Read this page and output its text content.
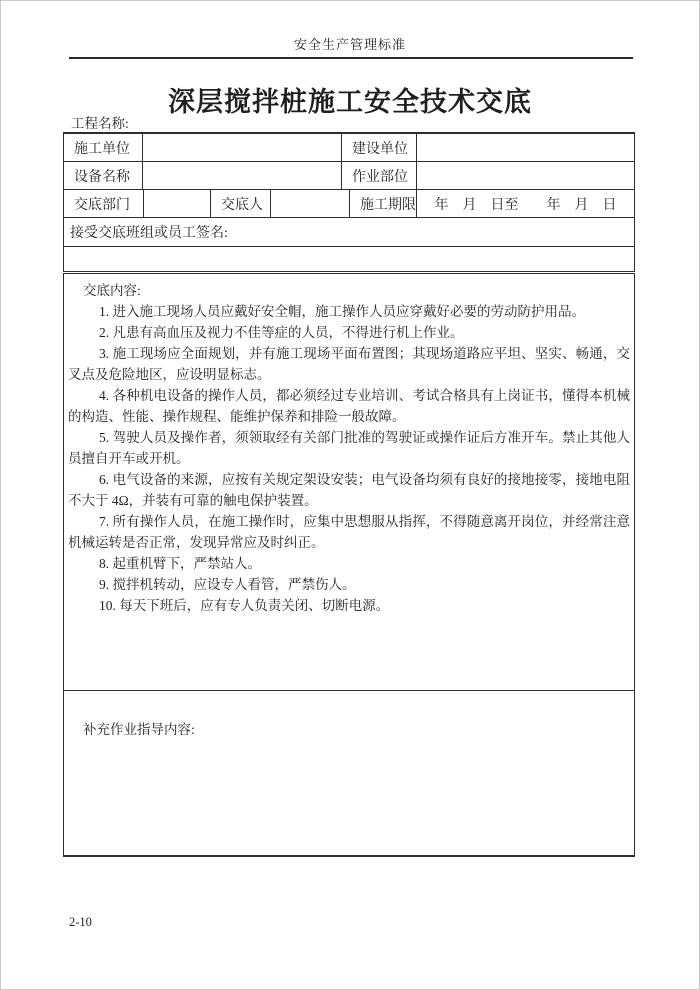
安全生产管理标准
深层搅拌桩施工安全技术交底
工程名称:
施工单位	建设单位
设备名称	作业部位
交底部门	交底人	施工期限	年　月　日至　　年　月　日
接受交底班组或员工签名:

交底内容:

1. 进入施工现场人员应戴好安全帽，施工操作人员应穿戴好必要的劳动防护用品。

2. 凡患有高血压及视力不佳等症的人员，不得进行机上作业。

3. 施工现场应全面规划，并有施工现场平面布置图；其现场道路应平坦、坚实、畅通，交叉点及危险地区，应设明显标志。

4. 各种机电设备的操作人员，都必须经过专业培训、考试合格具有上岗证书，懂得本机械的构造、性能、操作规程、能维护保养和排险一般故障。

5. 驾驶人员及操作者，须领取经有关部门批准的驾驶证或操作证后方准开车。禁止其他人员擅自开车或开机。

6. 电气设备的来源，应按有关规定架设安装；电气设备均须有良好的接地接零，接地电阻不大于 4Ω，并装有可靠的触电保护装置。

7. 所有操作人员，在施工操作时，应集中思想服从指挥，不得随意离开岗位，并经常注意机械运转是否正常，发现异常应及时纠正。

8. 起重机臂下，严禁站人。

9. 搅拌机转动，应设专人看管，严禁伤人。

10. 每天下班后，应有专人负责关闭、切断电源。

补充作业指导内容:

2-10
